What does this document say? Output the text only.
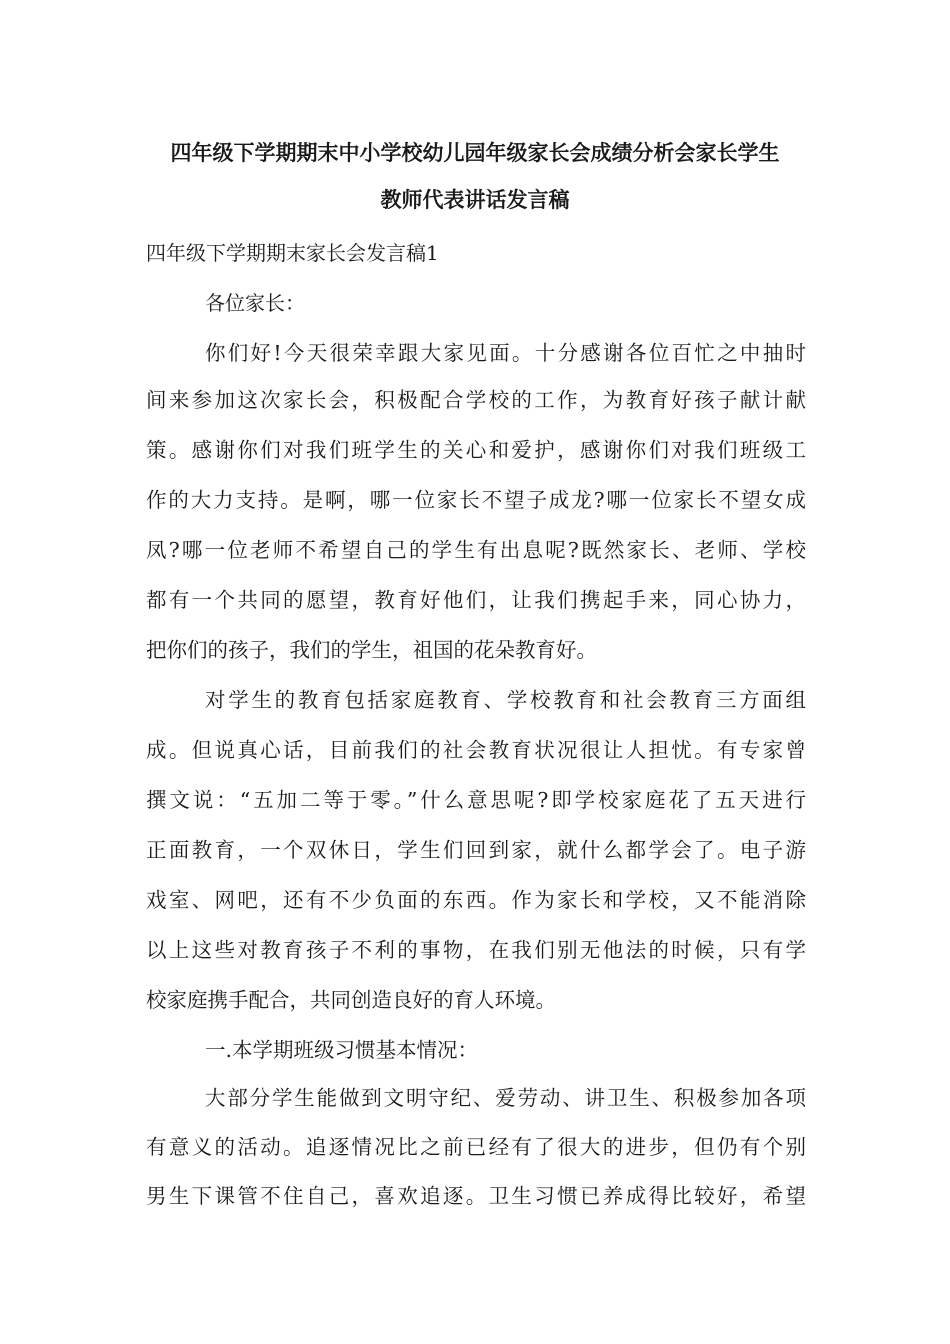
四年级下学期期末中小学校幼儿园年级家长会成绩分析会家长学生
教师代表讲话发言稿
四年级下学期期末家长会发言稿1
各位家长：
你们好!今天很荣幸跟大家见面。十分感谢各位百忙之中抽时
间来参加这次家长会，积极配合学校的工作，为教育好孩子献计献
策。感谢你们对我们班学生的关心和爱护，感谢你们对我们班级工
作的大力支持。是啊，哪一位家长不望子成龙?哪一位家长不望女成
凤?哪一位老师不希望自己的学生有出息呢?既然家长、老师、学校
都有一个共同的愿望，教育好他们，让我们携起手来，同心协力，
把你们的孩子，我们的学生，祖国的花朵教育好。
对学生的教育包括家庭教育、学校教育和社会教育三方面组
成。但说真心话，目前我们的社会教育状况很让人担忧。有专家曾
撰文说：“五加二等于零。”什么意思呢?即学校家庭花了五天进行
正面教育，一个双休日，学生们回到家，就什么都学会了。电子游
戏室、网吧，还有不少负面的东西。作为家长和学校，又不能消除
以上这些对教育孩子不利的事物，在我们别无他法的时候，只有学
校家庭携手配合，共同创造良好的育人环境。
一.本学期班级习惯基本情况：
大部分学生能做到文明守纪、爱劳动、讲卫生、积极参加各项
有意义的活动。追逐情况比之前已经有了很大的进步，但仍有个别
男生下课管不住自己，喜欢追逐。卫生习惯已养成得比较好，希望
